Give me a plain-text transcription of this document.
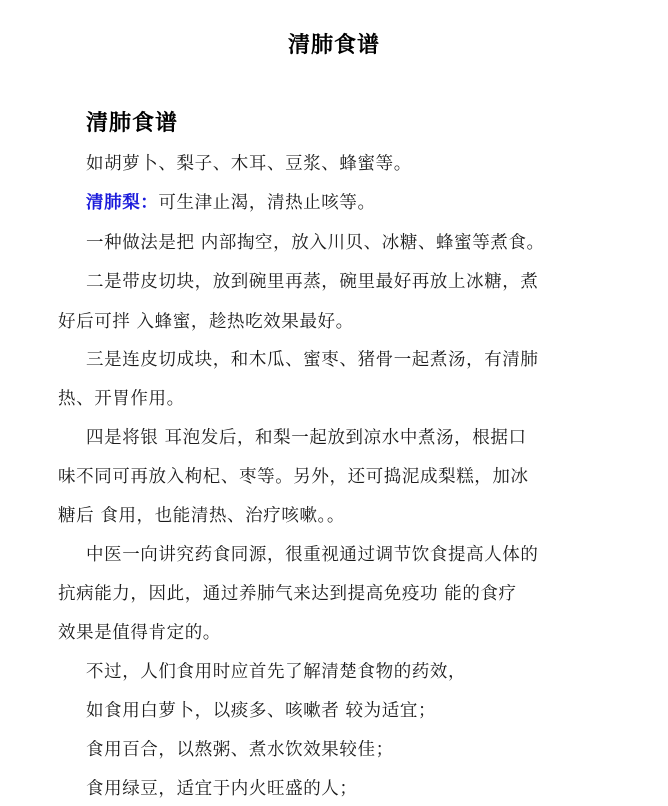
清肺食谱
清肺食谱
如胡萝卜、梨子、木耳、豆浆、蜂蜜等。
清肺梨：可生津止渴，清热止咳等。
一种做法是把 内部掏空，放入川贝、冰糖、蜂蜜等煮食。
二是带皮切块，放到碗里再蒸，碗里最好再放上冰糖，煮
好后可拌 入蜂蜜，趁热吃效果最好。
三是连皮切成块，和木瓜、蜜枣、猪骨一起煮汤，有清肺
热、开胃作用。
四是将银 耳泡发后，和梨一起放到凉水中煮汤，根据口
味不同可再放入枸杞、枣等。另外，还可捣泥成梨糕，加冰
糖后 食用，也能清热、治疗咳嗽。。
中医一向讲究药食同源，很重视通过调节饮食提高人体的
抗病能力，因此，通过养肺气来达到提高免疫功 能的食疗
效果是值得肯定的。
不过，人们食用时应首先了解清楚食物的药效，
如食用白萝卜，以痰多、咳嗽者 较为适宜；
食用百合，以熬粥、煮水饮效果较佳；
食用绿豆，适宜于内火旺盛的人；
